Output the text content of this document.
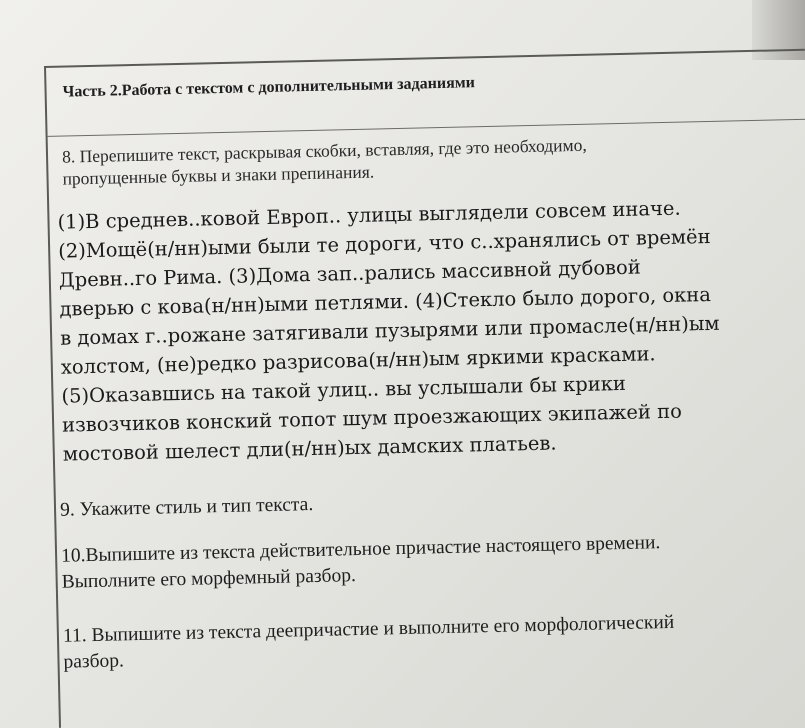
Часть 2.Работа с текстом с дополнительными заданиями
8. Перепишите текст, раскрывая скобки, вставляя, где это необходимо,
пропущенные буквы и знаки препинания.
(1)В среднев..ковой Европ.. улицы выглядели совсем иначе.
(2)Мощё(н/нн)ыми были те дороги, что с..хранялись от времён
Древн..го Рима. (3)Дома зап..рались массивной дубовой
дверью с кова(н/нн)ыми петлями. (4)Стекло было дорого, окна
в домах г..рожане затягивали пузырями или промасле(н/нн)ым
холстом, (не)редко разрисова(н/нн)ым яркими красками.
(5)Оказавшись на такой улиц.. вы услышали бы крики
извозчиков конский топот шум проезжающих экипажей по
мостовой шелест дли(н/нн)ых дамских платьев.
9. Укажите стиль и тип текста.
10.Выпишите из текста действительное причастие настоящего времени.
Выполните его морфемный разбор.
11. Выпишите из текста деепричастие и выполните его морфологический
разбор.
